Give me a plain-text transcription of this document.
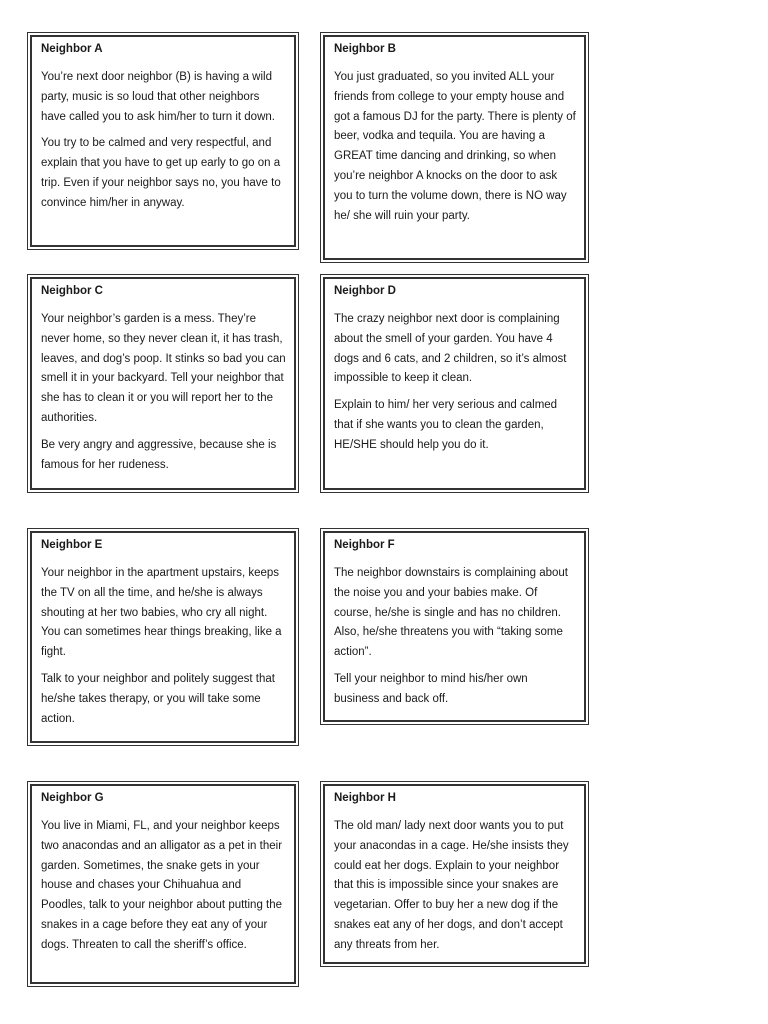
Neighbor A

You’re next door neighbor (B) is having a wild party, music is so loud that other neighbors have called you to ask him/her to turn it down.

You try to be calmed and very respectful, and explain that you have to get up early to go on a trip. Even if your neighbor says no, you have to convince him/her in anyway.

Neighbor B

You just graduated, so you invited ALL your friends from college to your empty house and got a famous DJ for the party. There is plenty of beer, vodka and tequila. You are having a GREAT time dancing and drinking, so when you’re neighbor A knocks on the door to ask you to turn the volume down, there is NO way he/ she will ruin your party.

Neighbor C

Your neighbor’s garden is a mess. They’re never home, so they never clean it, it has trash, leaves, and dog’s poop. It stinks so bad you can smell it in your backyard. Tell your neighbor that she has to clean it or you will report her to the authorities.

Be very angry and aggressive, because she is famous for her rudeness.

Neighbor D

The crazy neighbor next door is complaining about the smell of your garden. You have 4 dogs and 6 cats, and 2 children, so it’s almost impossible to keep it clean.

Explain to him/ her very serious and calmed that if she wants you to clean the garden, HE/SHE should help you do it.

Neighbor E

Your neighbor in the apartment upstairs, keeps the TV on all the time, and he/she is always shouting at her two babies, who cry all night. You can sometimes hear things breaking, like a fight.

Talk to your neighbor and politely suggest that he/she takes therapy, or you will take some action.

Neighbor F

The neighbor downstairs is complaining about the noise you and your babies make. Of course, he/she is single and has no children. Also, he/she threatens you with “taking some action”.

Tell your neighbor to mind his/her own business and back off.

Neighbor G

You live in Miami, FL, and your neighbor keeps two anacondas and an alligator as a pet in their garden. Sometimes, the snake gets in your house and chases your Chihuahua and Poodles, talk to your neighbor about putting the snakes in a cage before they eat any of your dogs. Threaten to call the sheriff’s office.

Neighbor H

The old man/ lady next door wants you to put your anacondas in a cage. He/she insists they could eat her dogs. Explain to your neighbor that this is impossible since your snakes are vegetarian. Offer to buy her a new dog if the snakes eat any of her dogs, and don’t accept any threats from her.
